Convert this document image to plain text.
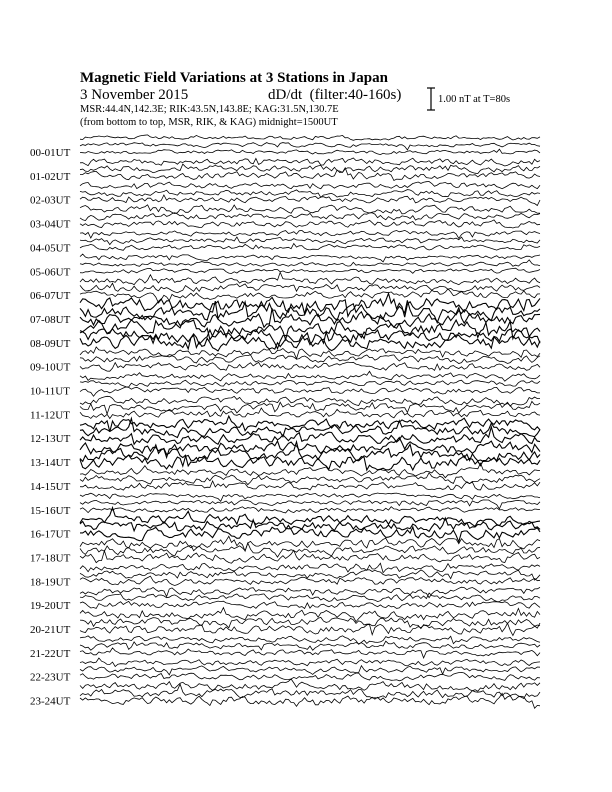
Magnetic Field Variations at 3 Stations in Japan
3 November 2015	dD/dt (filter:40-160s)
MSR:44.4N,142.3E; RIK:43.5N,143.8E; KAG:31.5N,130.7E
(from bottom to top, MSR, RIK, & KAG) midnight=1500UT
1.00 nT at T=80s
00-01UT
01-02UT
02-03UT
03-04UT
04-05UT
05-06UT
06-07UT
07-08UT
08-09UT
09-10UT
10-11UT
11-12UT
12-13UT
13-14UT
14-15UT
15-16UT
16-17UT
17-18UT
18-19UT
19-20UT
20-21UT
21-22UT
22-23UT
23-24UT
